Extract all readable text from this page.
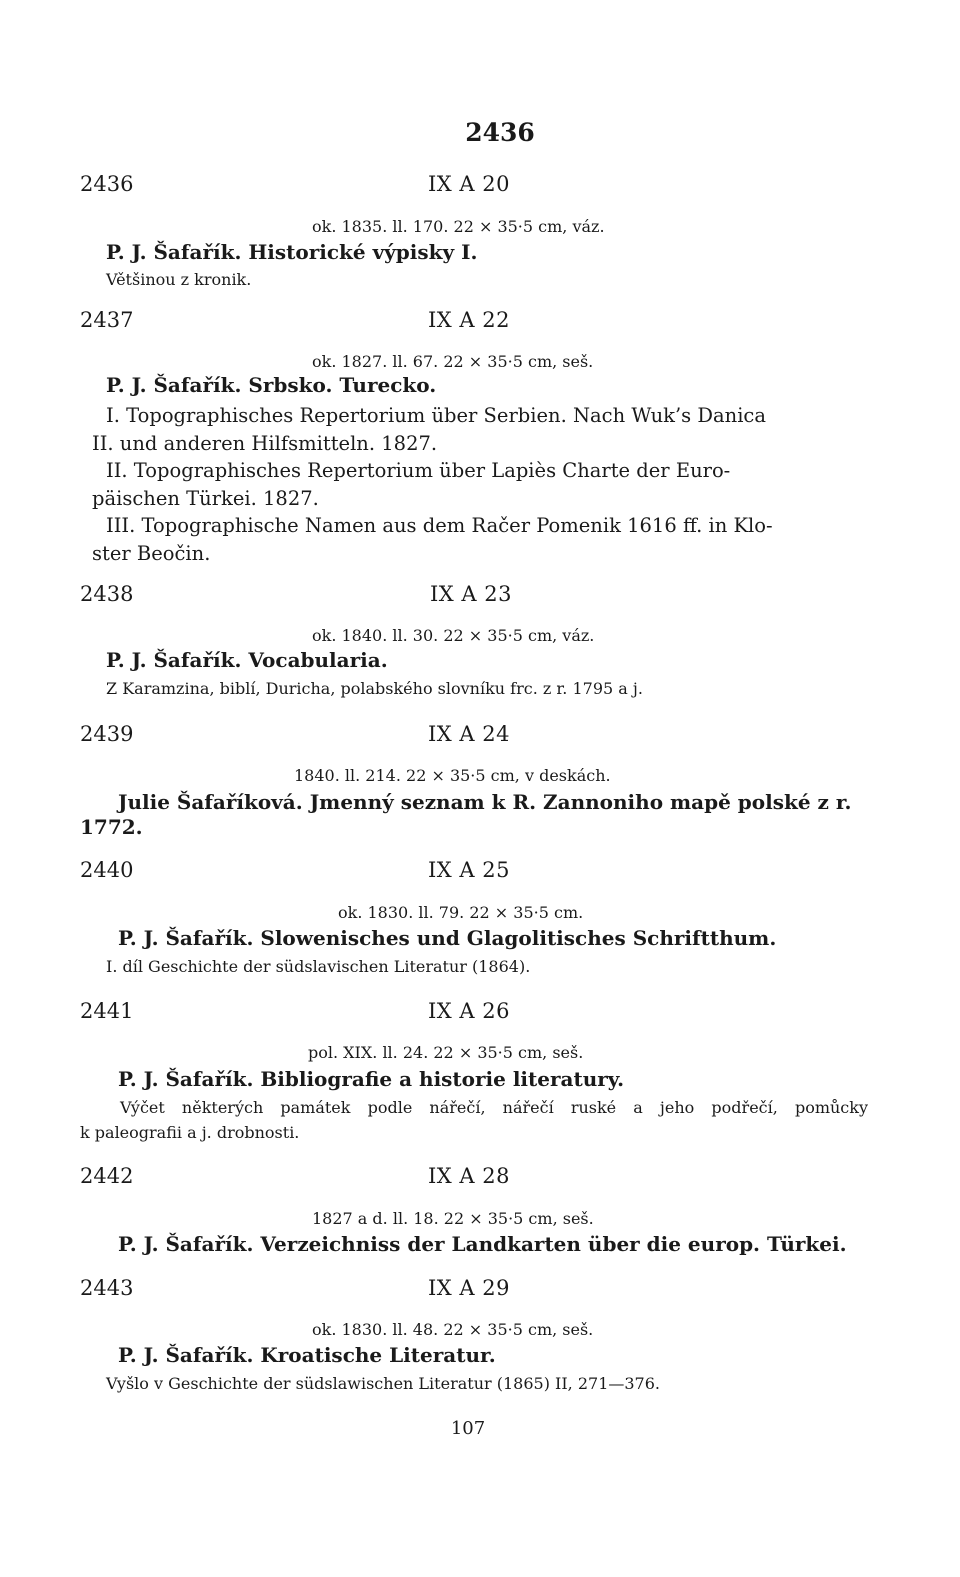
2436
2436	IX A 20
ok. 1835. ll. 170. 22 × 35·5 cm, váz.
P. J. Šafařík. Historické výpisky I.
Většinou z kronik.
2437	IX A 22
ok. 1827. ll. 67. 22 × 35·5 cm, seš.
P. J. Šafařík. Srbsko. Turecko.
I. Topographisches Repertorium über Serbien. Nach Wuk’s Danica
II. und anderen Hilfsmitteln. 1827.
II. Topographisches Repertorium über Lapiès Charte der Euro-
päischen Türkei. 1827.
III. Topographische Namen aus dem Račer Pomenik 1616 ff. in Klo-
ster Beočin.
2438	IX A 23
ok. 1840. ll. 30. 22 × 35·5 cm, váz.
P. J. Šafařík. Vocabularia.
Z Karamzina, biblí, Duricha, polabského slovníku frc. z r. 1795 a j.
2439	IX A 24
1840. ll. 214. 22 × 35·5 cm, v deskách.
Julie Šafaříková. Jmenný seznam k R. Zannoniho mapě polské z r.
1772.
2440	IX A 25
ok. 1830. ll. 79. 22 × 35·5 cm.
P. J. Šafařík. Slowenisches und Glagolitisches Schriftthum.
I. díl Geschichte der südslavischen Literatur (1864).
2441	IX A 26
pol. XIX. ll. 24. 22 × 35·5 cm, seš.
P. J. Šafařík. Bibliografie a historie literatury.
Výčet některých památek podle nářečí, nářečí ruské a jeho podřečí, pomůcky
k paleografii a j. drobnosti.
2442	IX A 28
1827 a d. ll. 18. 22 × 35·5 cm, seš.
P. J. Šafařík. Verzeichniss der Landkarten über die europ. Türkei.
2443	IX A 29
ok. 1830. ll. 48. 22 × 35·5 cm, seš.
P. J. Šafařík. Kroatische Literatur.
Vyšlo v Geschichte der südslawischen Literatur (1865) II, 271—376.
107
